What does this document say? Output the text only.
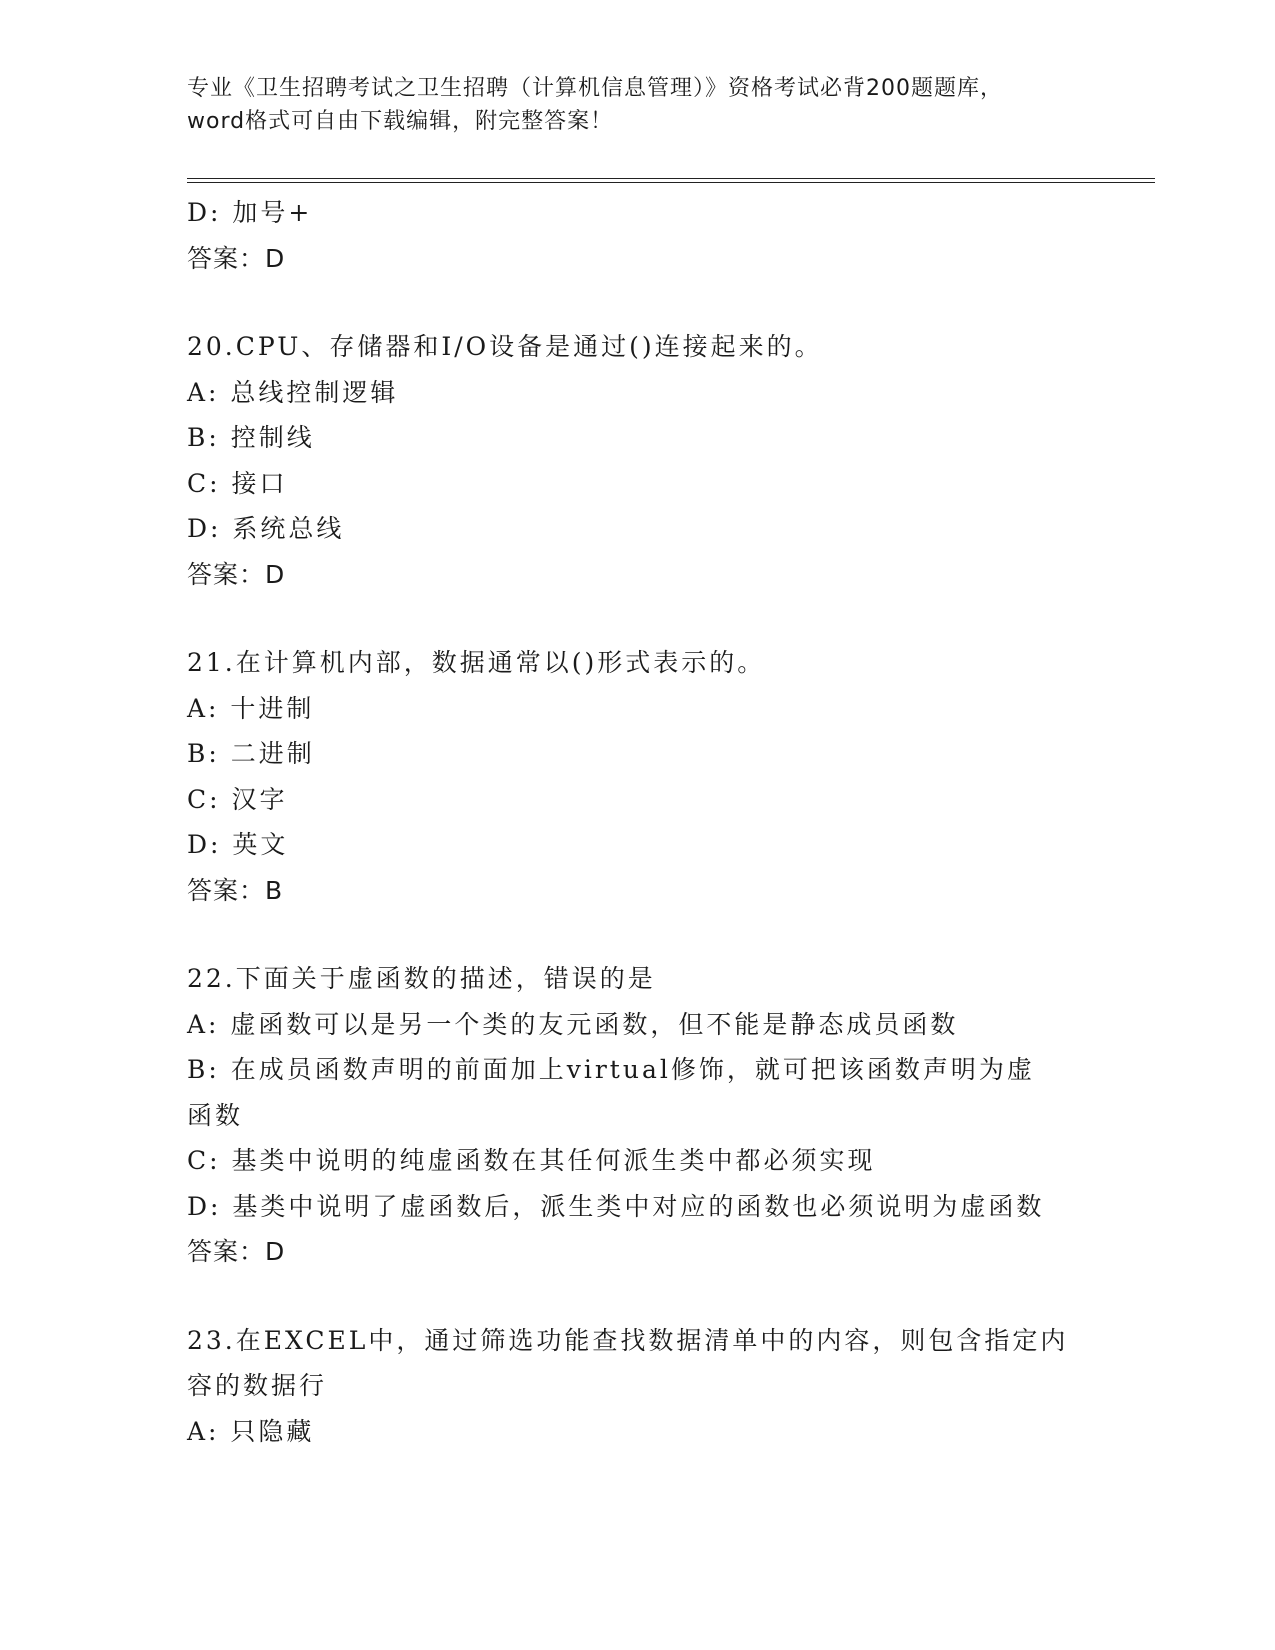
专业《卫生招聘考试之卫生招聘（计算机信息管理）》资格考试必背200题题库，
word格式可自由下载编辑，附完整答案！
D: 加号+
答案：D
20.CPU、存储器和I/O设备是通过()连接起来的。
A: 总线控制逻辑
B: 控制线
C: 接口
D: 系统总线
答案：D
21.在计算机内部，数据通常以()形式表示的。
A: 十进制
B: 二进制
C: 汉字
D: 英文
答案：B
22.下面关于虚函数的描述，错误的是
A: 虚函数可以是另一个类的友元函数，但不能是静态成员函数
B: 在成员函数声明的前面加上virtual修饰，就可把该函数声明为虚
函数
C: 基类中说明的纯虚函数在其任何派生类中都必须实现
D: 基类中说明了虚函数后，派生类中对应的函数也必须说明为虚函数
答案：D
23.在EXCEL中，通过筛选功能查找数据清单中的内容，则包含指定内
容的数据行
A: 只隐藏
